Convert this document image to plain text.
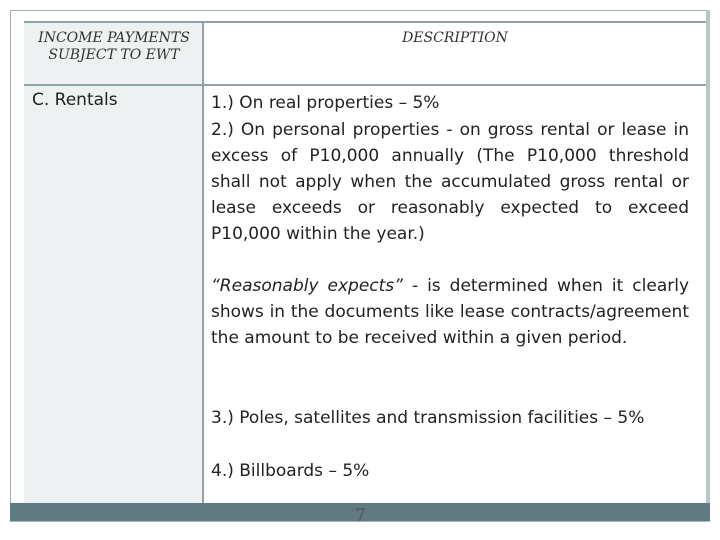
INCOME PAYMENTS
SUBJECT TO EWT
DESCRIPTION
C. Rentals	1.) On real properties – 5%

2.) On personal properties - on gross rental or lease in excess of P10,000 annually (The P10,000 threshold shall not apply when the accumulated gross rental or lease exceeds or reasonably expected to exceed P10,000 within the year.)

“Reasonably expects” - is determined when it clearly shows in the documents like lease contracts/agreement the amount to be received within a given period.

3.) Poles, satellites and transmission facilities – 5%

4.) Billboards – 5%

7
